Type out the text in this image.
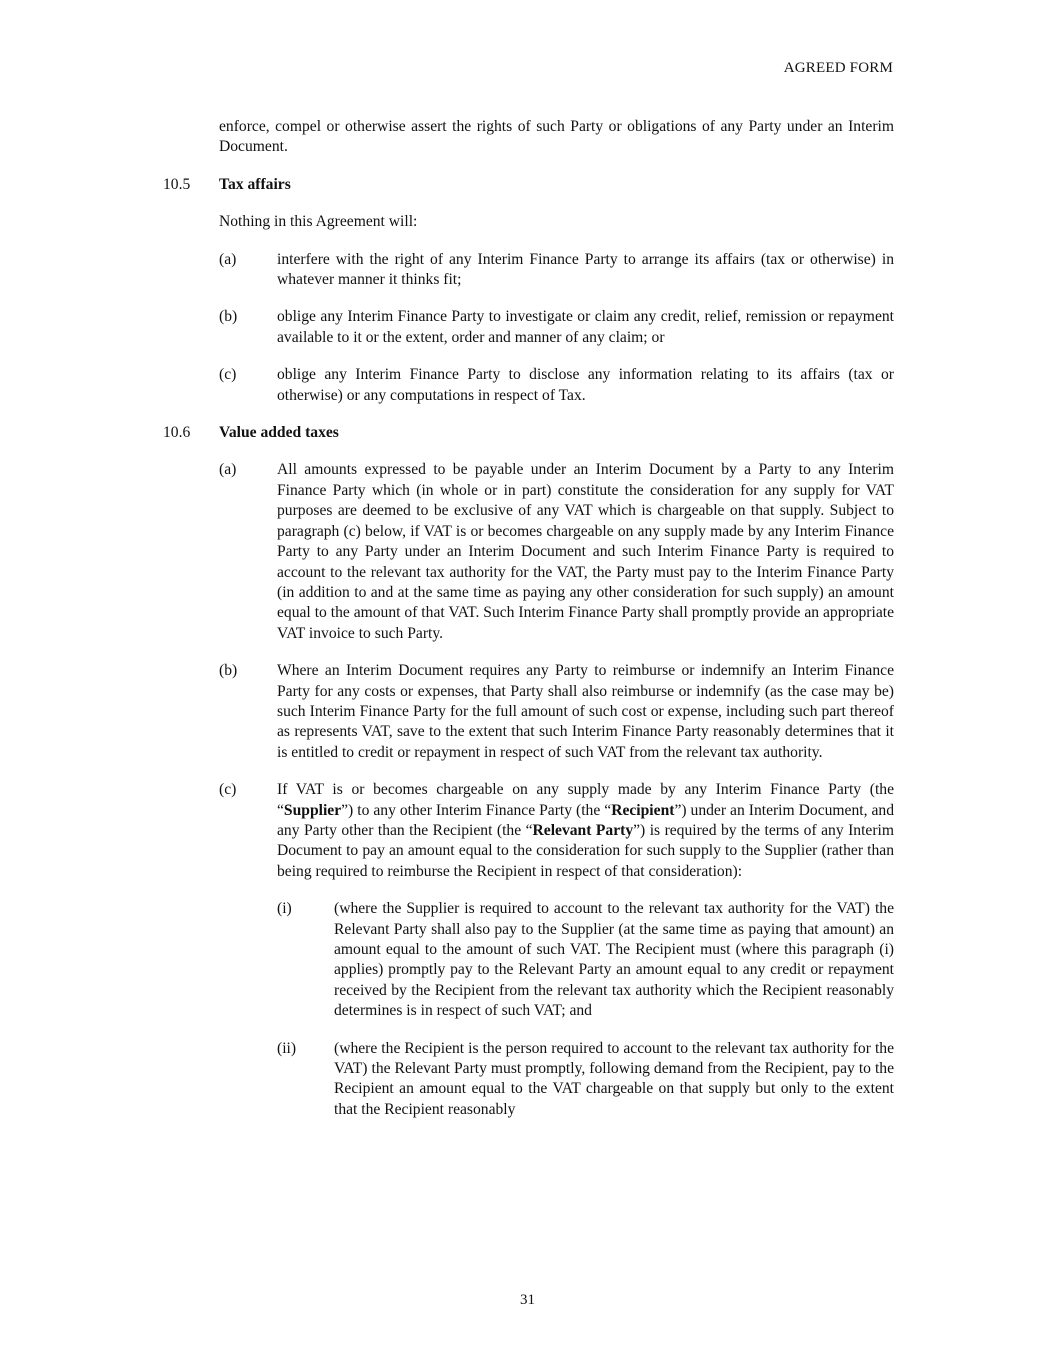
AGREED FORM

enforce, compel or otherwise assert the rights of such Party or obligations of any Party under an Interim Document.

10.5 Tax affairs

Nothing in this Agreement will:

(a)	interfere with the right of any Interim Finance Party to arrange its affairs (tax or otherwise) in whatever manner it thinks fit;

(b)	oblige any Interim Finance Party to investigate or claim any credit, relief, remission or repayment available to it or the extent, order and manner of any claim; or

(c)	oblige any Interim Finance Party to disclose any information relating to its affairs (tax or otherwise) or any computations in respect of Tax.

10.6 Value added taxes
(a)	All amounts expressed to be payable under an Interim Document by a Party to any Interim Finance Party which (in whole or in part) constitute the consideration for any supply for VAT purposes are deemed to be exclusive of any VAT which is chargeable on that supply. Subject to paragraph (c) below, if VAT is or becomes chargeable on any supply made by any Interim Finance Party to any Party under an Interim Document and such Interim Finance Party is required to account to the relevant tax authority for the VAT, the Party must pay to the Interim Finance Party (in addition to and at the same time as paying any other consideration for such supply) an amount equal to the amount of that VAT. Such Interim Finance Party shall promptly provide an appropriate VAT invoice to such Party.

(b)	Where an Interim Document requires any Party to reimburse or indemnify an Interim Finance Party for any costs or expenses, that Party shall also reimburse or indemnify (as the case may be) such Interim Finance Party for the full amount of such cost or expense, including such part thereof as represents VAT, save to the extent that such Interim Finance Party reasonably determines that it is entitled to credit or repayment in respect of such VAT from the relevant tax authority.

(c)	If VAT is or becomes chargeable on any supply made by any Interim Finance Party (the “Supplier”) to any other Interim Finance Party (the “Recipient”) under an Interim Document, and any Party other than the Recipient (the “Relevant Party”) is required by the terms of any Interim Document to pay an amount equal to the consideration for such supply to the Supplier (rather than being required to reimburse the Recipient in respect of that consideration):

(i)	(where the Supplier is required to account to the relevant tax authority for the VAT) the Relevant Party shall also pay to the Supplier (at the same time as paying that amount) an amount equal to the amount of such VAT. The Recipient must (where this paragraph (i) applies) promptly pay to the Relevant Party an amount equal to any credit or repayment received by the Recipient from the relevant tax authority which the Recipient reasonably determines is in respect of such VAT; and

(ii) (where the Recipient is the person required to account to the relevant tax authority for the VAT) the Relevant Party must promptly, following demand from the Recipient, pay to the Recipient an amount equal to the VAT chargeable on that supply but only to the extent that the Recipient reasonably

31
